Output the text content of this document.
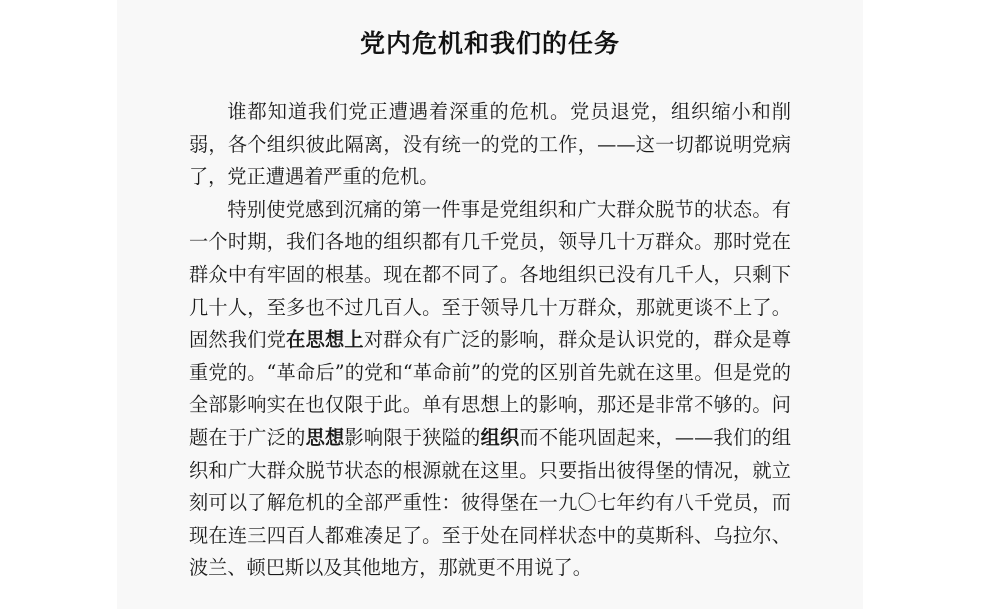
党内危机和我们的任务

谁都知道我们党正遭遇着深重的危机。党员退党，组织缩小和削弱，各个组织彼此隔离，没有统一的党的工作，——这一切都说明党病了，党正遭遇着严重的危机。

特别使党感到沉痛的第一件事是党组织和广大群众脱节的状态。有一个时期，我们各地的组织都有几千党员，领导几十万群众。那时党在群众中有牢固的根基。现在都不同了。各地组织已没有几千人，只剩下几十人，至多也不过几百人。至于领导几十万群众，那就更谈不上了。固然我们党在思想上对群众有广泛的影响，群众是认识党的，群众是尊重党的。“革命后”的党和“革命前”的党的区别首先就在这里。但是党的全部影响实在也仅限于此。单有思想上的影响，那还是非常不够的。问题在于广泛的思想影响限于狭隘的组织而不能巩固起来，——我们的组织和广大群众脱节状态的根源就在这里。只要指出彼得堡的情况，就立刻可以了解危机的全部严重性：彼得堡在一九〇七年约有八千党员，而现在连三四百人都难凑足了。至于处在同样状态中的莫斯科、乌拉尔、波兰、顿巴斯以及其他地方，那就更不用说了。
